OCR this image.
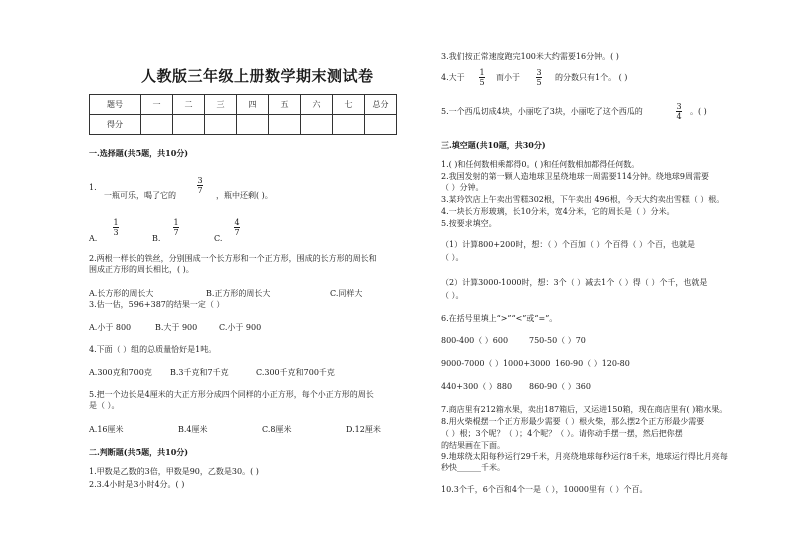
人教版三年级上册数学期末测试卷
题号	一	二	三	四	五	六	七	总分
得分								
一.选择题(共5题，共10分)
1.
一瓶可乐，喝了它的
3
7
，瓶中还剩( )。
1
3
1
7
4
7
A.	B.	C.
2.两根一样长的铁丝，分别围成一个长方形和一个正方形，围成的长方形的周长和
围成正方形的周长相比，( )。
A.长方形的周长大	B.正方形的周长大	C.同样大
3.估一估，596+387的结果一定（ ）
A.小于 800	B.大于 900	C.小于 900
4.下面（ ）组的总质量恰好是1吨。
A.300克和700克 B.3千克和7千克	C.300千克和700千克
5.把一个边长是4厘米的大正方形分成四个同样的小正方形，每个小正方形的周长
是（ ）。
A.16厘米	B.4厘米	C.8厘米	D.12厘米
二.判断题(共5题，共10分)
1.甲数是乙数的3倍，甲数是90，乙数是30。( )
2.3.4小时是3小时4分。( )
3.我们按正常速度跑完100米大约需要16分钟。( )
4.大于
1
5
而小于
3
5
的分数只有1个。 ( )
5.一个西瓜切成4块，小丽吃了3块，小丽吃了这个西瓜的
3
4
。( )
三.填空题(共10题，共30分)
1.( )和任何数相乘都得0。( )和任何数相加都得任何数。
2.我国发射的第一颗人造地球卫星绕地球一周需要114分钟。绕地球9周需要
（ ）分钟。
3.某玲饮店上午卖出雪糕302根，下午卖出 496根，今天大约卖出雪糕（ ）根。
4.一块长方形玻璃，长10分米，宽4分米，它的周长是（ ）分米。
5.按要求填空。
（1）计算800+200时，想：（ ）个百加（ ）个百得（ ）个百，也就是
（ ）。
（2）计算3000-1000时，想：3个（ ）减去1个（ ）得（ ）个千，也就是
（ ）。
6.在括号里填上“>”“<”或“=”。
800-400（ ）600	750-50（ ）70
9000-7000（ ）1000+3000 160-90（ ）120-80
440+300（ ）880 860-90（ ）360
7.商店里有212箱水果，卖出187箱后，又运进150箱，现在商店里有( )箱水果。
8.用火柴棍摆一个正方形最少需要（ ）根火柴，那么摆2个正方形最少需要
（ ）根；3个呢？（ ）；4个呢？（ ）。请你动手摆一摆，然后把你摆
的结果画在下面。
9.地球绕太阳每秒运行29千米，月亮绕地球每秒运行8千米，地球运行得比月亮每
秒快______千米。
10.3个千，6个百和4个一是（ ），10000里有（ ）个百。
